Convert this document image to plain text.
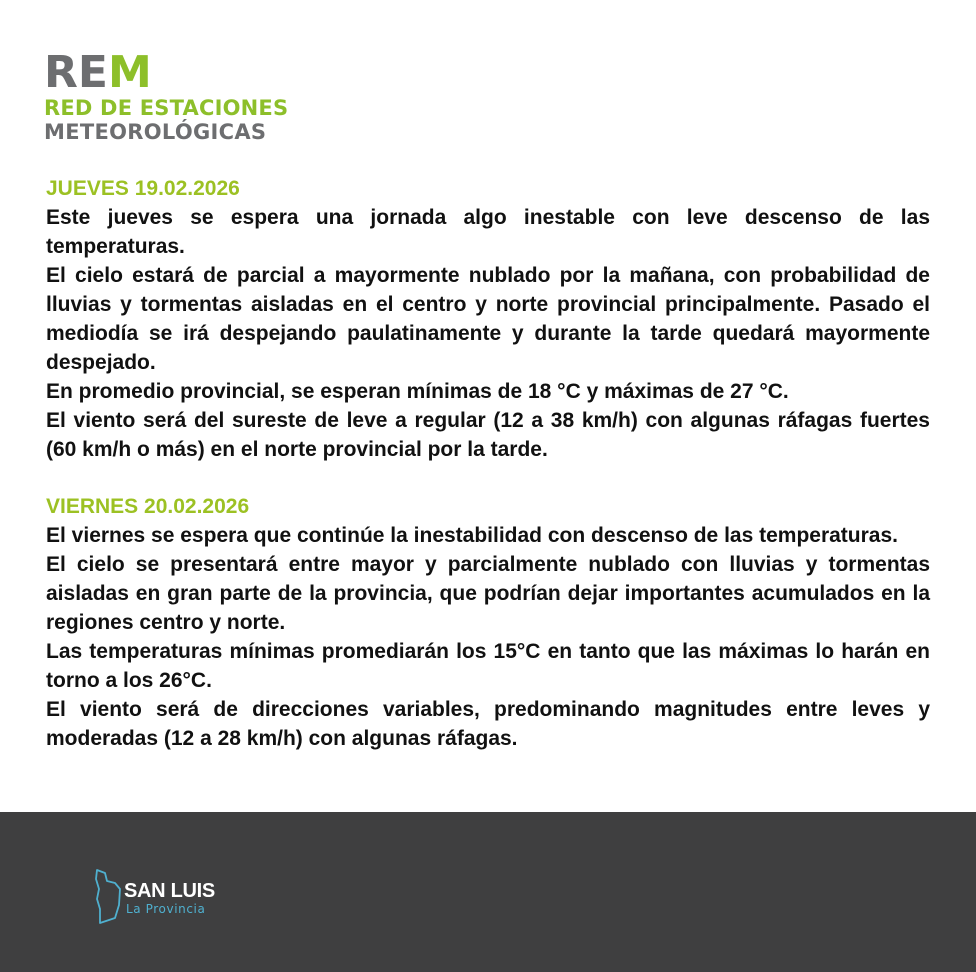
REM
RED DE ESTACIONES
METEOROLÓGICAS
JUEVES 19.02.2026

Este jueves se espera una jornada algo inestable con leve descenso de las temperaturas.

El cielo estará de parcial a mayormente nublado por la mañana, con probabilidad de lluvias y tormentas aisladas en el centro y norte provincial principalmente. Pasado el mediodía se irá despejando paulatinamente y durante la tarde quedará mayormente despejado.

En promedio provincial, se esperan mínimas de 18 °C y máximas de 27 °C.

El viento será del sureste de leve a regular (12 a 38 km/h) con algunas ráfagas fuertes (60 km/h o más) en el norte provincial por la tarde.

VIERNES 20.02.2026

El viernes se espera que continúe la inestabilidad con descenso de las temperaturas.

El cielo se presentará entre mayor y parcialmente nublado con lluvias y tormentas aisladas en gran parte de la provincia, que podrían dejar importantes acumulados en la regiones centro y norte.

Las temperaturas mínimas promediarán los 15°C en tanto que las máximas lo harán en torno a los 26°C.

El viento será de direcciones variables, predominando magnitudes entre leves y moderadas (12 a 28 km/h) con algunas ráfagas.

SAN LUIS
La Provincia
